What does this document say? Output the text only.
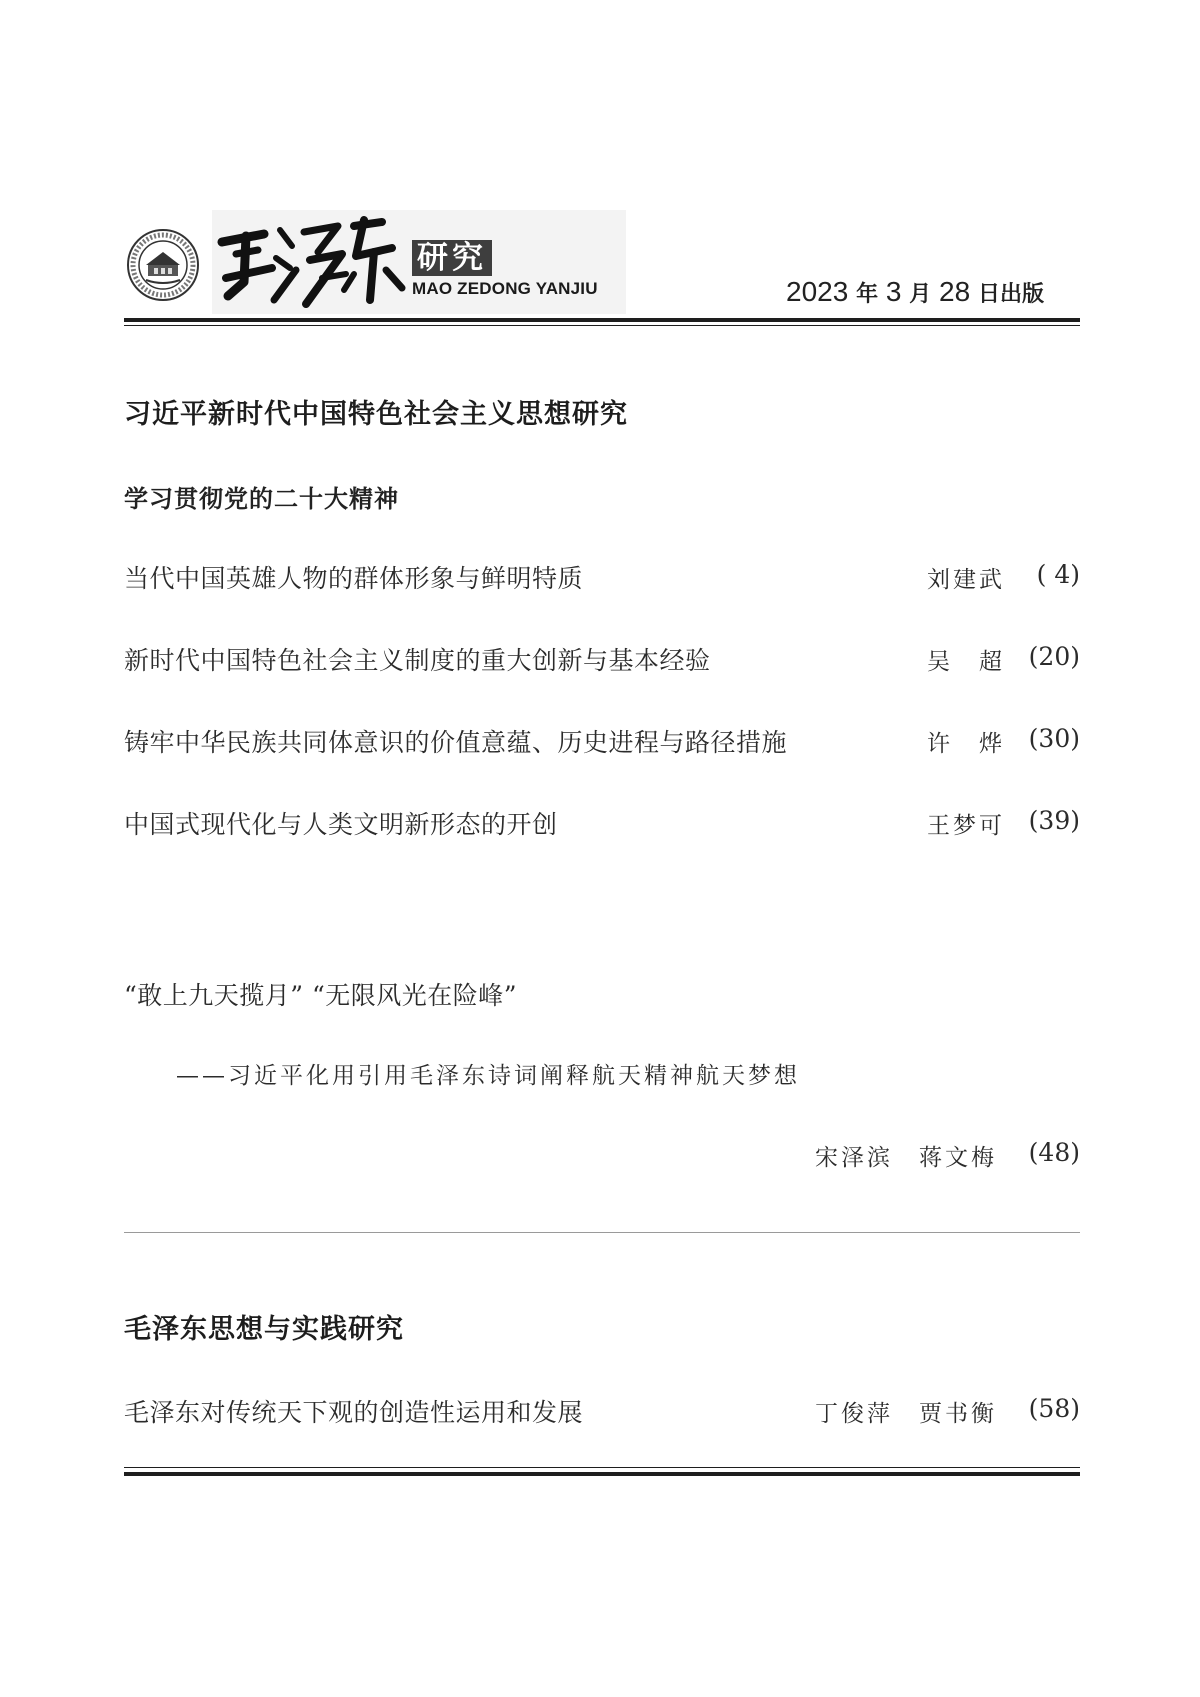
研究
MAO ZEDONG YANJIU	2023 年 3 月 28 日出版
习近平新时代中国特色社会主义思想研究
学习贯彻党的二十大精神
当代中国英雄人物的群体形象与鲜明特质	刘建武 ( 4)
新时代中国特色社会主义制度的重大创新与基本经验	吴　超 (20)
铸牢中华民族共同体意识的价值意蕴、历史进程与路径措施	许　烨 (30)
中国式现代化与人类文明新形态的开创	王梦可 (39)
“敢上九天揽月” “无限风光在险峰”
——习近平化用引用毛泽东诗词阐释航天精神航天梦想
宋泽滨　蒋文梅 (48)
毛泽东思想与实践研究
毛泽东对传统天下观的创造性运用和发展	丁俊萍　贾书衡 (58)
